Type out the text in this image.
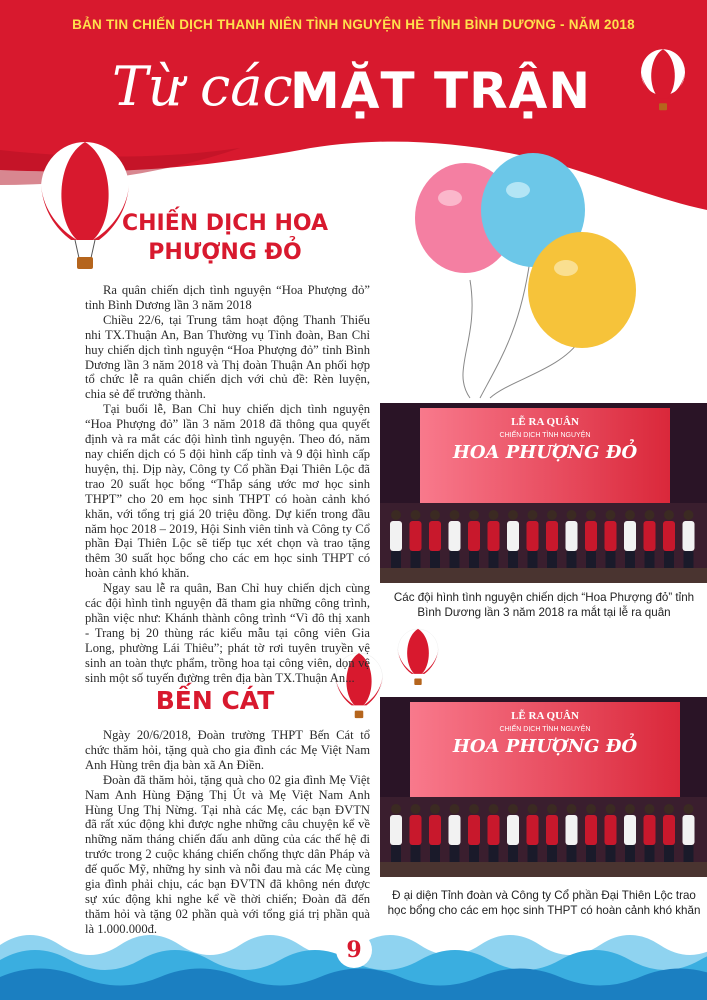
BẢN TIN CHIẾN DỊCH THANH NIÊN TÌNH NGUYỆN HÈ TỈNH BÌNH DƯƠNG - NĂM 2018

Từ các

MẶT TRẬN

CHIẾN DỊCH HOA PHƯỢNG ĐỎ

Ra quân chiến dịch tình nguyện “Hoa Phượng đỏ” tỉnh Bình Dương lần 3 năm 2018

Chiều 22/6, tại Trung tâm hoạt động Thanh Thiếu nhi TX.Thuận An, Ban Thường vụ Tỉnh đoàn, Ban Chỉ huy chiến dịch tình nguyện “Hoa Phượng đỏ” tỉnh Bình Dương lần 3 năm 2018 và Thị đoàn Thuận An phối hợp tổ chức lễ ra quân chiến dịch với chủ đề: Rèn luyện, chia sẻ để trưởng thành.

Tại buổi lễ, Ban Chỉ huy chiến dịch tình nguyện “Hoa Phượng đỏ” lần 3 năm 2018 đã thông qua quyết định và ra mắt các đội hình tình nguyện. Theo đó, năm nay chiến dịch có 5 đội hình cấp tỉnh và 9 đội hình cấp huyện, thị. Dịp này, Công ty Cổ phần Đại Thiên Lộc đã trao 20 suất học bổng “Thắp sáng ước mơ học sinh THPT” cho 20 em học sinh THPT có hoàn cảnh khó khăn, với tổng trị giá 20 triệu đồng. Dự kiến trong đầu năm học 2018 – 2019, Hội Sinh viên tỉnh và Công ty Cổ phần Đại Thiên Lộc sẽ tiếp tục xét chọn và trao tặng thêm 30 suất học bổng cho các em học sinh THPT có hoàn cảnh khó khăn.

Ngay sau lễ ra quân, Ban Chỉ huy chiến dịch cùng các đội hình tình nguyện đã tham gia những công trình, phần việc như: Khánh thành công trình “Vì đô thị xanh - Trang bị 20 thùng rác kiểu mẫu tại công viên Gia Long, phường Lái Thiêu”; phát tờ rơi tuyên truyền vệ sinh an toàn thực phẩm, trồng hoa tại công viên, dọn vệ sinh một số tuyến đường trên địa bàn TX.Thuận An...

BẾN CÁT

Ngày 20/6/2018, Đoàn trường THPT Bến Cát tổ chức thăm hỏi, tặng quà cho gia đình các Mẹ Việt Nam Anh Hùng trên địa bàn xã An Điền.

Đoàn đã thăm hỏi, tặng quà cho 02 gia đình Mẹ Việt Nam Anh Hùng Đặng Thị Út và Mẹ Việt Nam Anh Hùng Ung Thị Nừng. Tại nhà các Mẹ, các bạn ĐVTN đã rất xúc động khi được nghe những câu chuyện kể về những năm tháng chiến đấu anh dũng của các thế hệ đi trước trong 2 cuộc kháng chiến chống thực dân Pháp và đế quốc Mỹ, những hy sinh và nỗi đau mà các Mẹ cùng gia đình phải chịu, các bạn ĐVTN đã không nén được sự xúc động khi nghe kể về thời chiến; Đoàn đã đến thăm hỏi và tặng 02 phần quà với tổng giá trị phần quà là 1.000.000đ.

LỄ RA QUÂN
CHIẾN DỊCH TÌNH NGUYỆN
HOA PHƯỢNG ĐỎ

Các đội hình tình nguyện chiến dịch “Hoa Phượng đỏ” tỉnh Bình Dương lần 3 năm 2018 ra mắt tại lễ ra quân

LỄ RA QUÂN
CHIẾN DỊCH TÌNH NGUYỆN
HOA PHƯỢNG ĐỎ

Đ ại diện Tỉnh đoàn và Công ty Cổ phần Đại Thiên Lộc trao học bổng cho các em học sinh THPT có hoàn cảnh khó khăn

9
